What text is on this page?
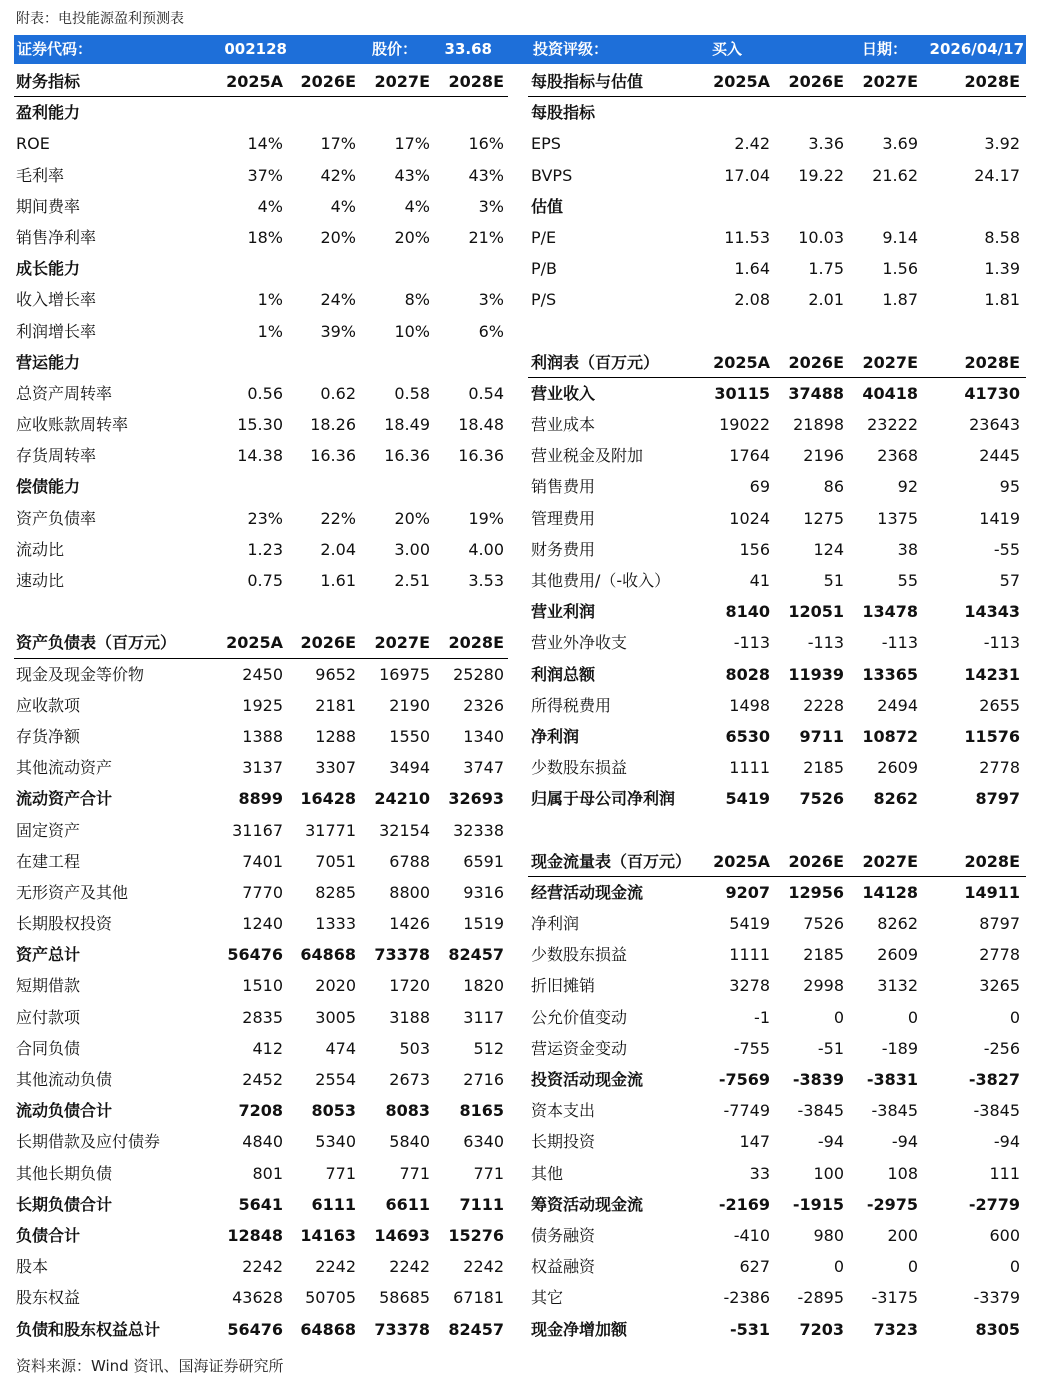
附表：电投能源盈利预测表
证券代码：	002128	股价： 33.68	投资评级：	买入	日期： 2026/04/17
财务指标	2025A 2026E 2027E 2028E 每股指标与估值	2025A 2026E 2027E	2028E
盈利能力	每股指标
ROE	14% 17% 17% 16% EPS	2.42 3.36 3.69	3.92
毛利率	37% 42% 43% 43% BVPS	17.04 19.22 21.62	24.17
期间费率	4%	4%	4%	3% 估值
销售净利率	18% 20% 20% 21% P/E	11.53 10.03 9.14	8.58
成长能力	P/B	1.64 1.75 1.56	1.39
收入增长率	1% 24%	8%	3% P/S	2.08 2.01 1.87	1.81
利润增长率	1% 39% 10%	6%
营运能力	利润表（百万元）	2025A 2026E 2027E	2028E
总资产周转率	0.56 0.62 0.58 0.54 营业收入	30115 37488 40418	41730
应收账款周转率	15.30 18.26 18.49 18.48 营业成本	19022 21898 23222	23643
存货周转率	14.38 16.36 16.36 16.36 营业税金及附加	1764 2196 2368	2445
偿债能力	销售费用	69	86	92	95
资产负债率	23% 22% 20% 19% 管理费用	1024 1275 1375	1419
流动比	1.23 2.04 3.00 4.00 财务费用	156	124	38	-55
速动比	0.75 1.61 2.51 3.53 其他费用/（-收入）	41	51	55	57
营业利润	8140 12051 13478	14343
资产负债表（百万元）	2025A 2026E 2027E 2028E 营业外净收支	-113 -113 -113	-113
现金及现金等价物	2450 9652 16975 25280 利润总额	8028 11939 13365	14231
应收款项	1925 2181 2190 2326 所得税费用	1498 2228 2494	2655
存货净额	1388 1288 1550 1340 净利润	6530 9711 10872	11576
其他流动资产	3137 3307 3494 3747 少数股东损益	1111 2185 2609	2778
流动资产合计	8899 16428 24210 32693 归属于母公司净利润	5419 7526 8262	8797
固定资产	31167 31771 32154 32338
在建工程	7401 7051 6788 6591 现金流量表（百万元） 2025A 2026E 2027E	2028E
无形资产及其他	7770 8285 8800 9316 经营活动现金流	9207 12956 14128	14911
长期股权投资	1240 1333 1426 1519 净利润	5419 7526 8262	8797
资产总计	56476 64868 73378 82457 少数股东损益	1111 2185 2609	2778
短期借款	1510 2020 1720 1820 折旧摊销	3278 2998 3132	3265
应付款项	2835 3005 3188 3117 公允价值变动	-1	0	0	0
合同负债	412	474	503	512 营运资金变动	-755	-51 -189	-256
其他流动负债	2452 2554 2673 2716 投资活动现金流	-7569 -3839 -3831	-3827
流动负债合计	7208 8053 8083 8165 资本支出	-7749 -3845 -3845	-3845
长期借款及应付债券	4840 5340 5840 6340 长期投资	147	-94	-94	-94
其他长期负债	801	771	771	771 其他	33	100	108	111
长期负债合计	5641 6111 6611 7111 筹资活动现金流	-2169 -1915 -2975	-2779
负债合计	12848 14163 14693 15276 债务融资	-410	980	200	600
股本	2242 2242 2242 2242 权益融资	627	0	0	0
股东权益	43628 50705 58685 67181 其它	-2386 -2895 -3175	-3379
负债和股东权益总计	56476 64868 73378 82457 现金净增加额	-531 7203 7323	8305
资料来源：Wind 资讯、国海证券研究所
